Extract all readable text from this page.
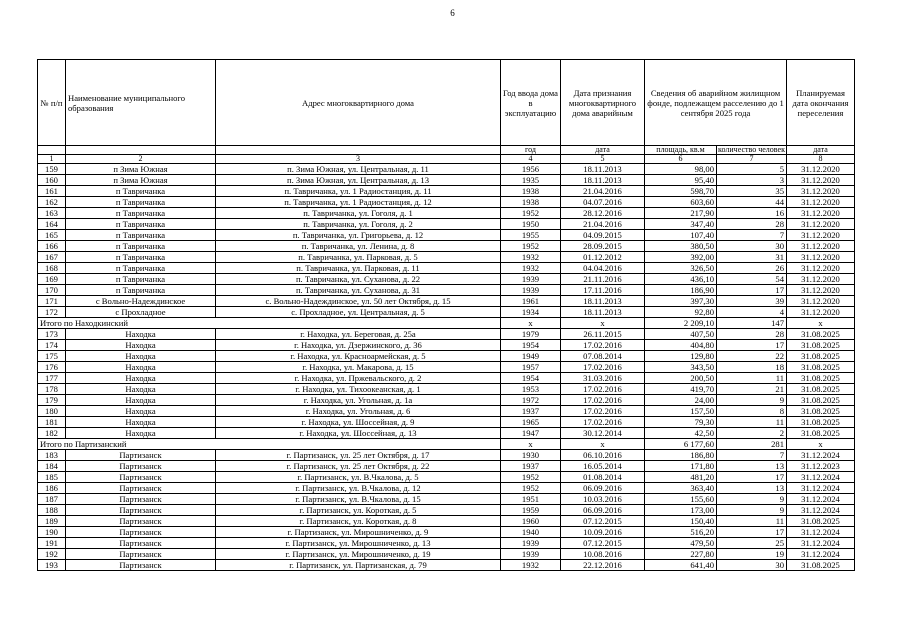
6
№ п/п	Наименование муниципального образования	Адрес многоквартирного дома	Год ввода дома в эксплуатацию	Дата признания многоквартирного дома аварийным	Сведения об аварийном жилищном фонде, подлежащем расселению до 1 сентября 2025 года		Планируемая дата окончания переселения
			год	дата	площадь, кв.м	количество человек	дата
1	2	3	4	5	6	7	8
159	п Зима Южная	п. Зима Южная, ул. Центральная, д. 11	1956	18.11.2013	98,00	5	31.12.2020
160	п Зима Южная	п. Зима Южная, ул. Центральная, д. 13	1935	18.11.2013	95,40	3	31.12.2020
161	п Тавричанка	п. Тавричанка, ул. 1 Радиостанция, д. 11	1938	21.04.2016	598,70	35	31.12.2020
162	п Тавричанка	п. Тавричанка, ул. 1 Радиостанция, д. 12	1938	04.07.2016	603,60	44	31.12.2020
163	п Тавричанка	п. Тавричанка, ул. Гоголя, д. 1	1952	28.12.2016	217,90	16	31.12.2020
164	п Тавричанка	п. Тавричанка, ул. Гоголя, д. 2	1950	21.04.2016	347,40	28	31.12.2020
165	п Тавричанка	п. Тавричанка, ул. Григорьева, д. 12	1955	04.09.2015	107,40	7	31.12.2020
166	п Тавричанка	п. Тавричанка, ул. Ленина, д. 8	1952	28.09.2015	380,50	30	31.12.2020
167	п Тавричанка	п. Тавричанка, ул. Парковая, д. 5	1932	01.12.2012	392,00	31	31.12.2020
168	п Тавричанка	п. Тавричанка, ул. Парковая, д. 11	1932	04.04.2016	326,50	26	31.12.2020
169	п Тавричанка	п. Тавричанка, ул. Суханова, д. 22	1939	21.11.2016	436,10	54	31.12.2020
170	п Тавричанка	п. Тавричанка, ул. Суханова, д. 31	1939	17.11.2016	186,90	17	31.12.2020
171	с Вольно-Надеждинское	с. Вольно-Надеждинское, ул. 50 лет Октября, д. 15	1961	18.11.2013	397,30	39	31.12.2020
172	с Прохладное	с. Прохладное, ул. Центральная, д. 5	1934	18.11.2013	92,80	4	31.12.2020
Итого по Находкинский			x	x	2 209,10	147	x
173	Находка	г. Находка, ул. Береговая, д. 25а	1979	26.11.2015	407,50	28	31.08.2025
174	Находка	г. Находка, ул. Дзержинского, д. 36	1954	17.02.2016	404,80	17	31.08.2025
175	Находка	г. Находка, ул. Красноармейская, д. 5	1949	07.08.2014	129,80	22	31.08.2025
176	Находка	г. Находка, ул. Макарова, д. 15	1957	17.02.2016	343,50	18	31.08.2025
177	Находка	г. Находка, ул. Пржевальского, д. 2	1954	31.03.2016	200,50	11	31.08.2025
178	Находка	г. Находка, ул. Тихоокеанская, д. 1	1953	17.02.2016	419,70	21	31.08.2025
179	Находка	г. Находка, ул. Угольная, д. 1а	1972	17.02.2016	24,00	9	31.08.2025
180	Находка	г. Находка, ул. Угольная, д. 6	1937	17.02.2016	157,50	8	31.08.2025
181	Находка	г. Находка, ул. Шоссейная, д. 9	1965	17.02.2016	79,30	11	31.08.2025
182	Находка	г. Находка, ул. Шоссейная, д. 13	1947	30.12.2014	42,50	2	31.08.2025
Итого по Партизанский			x	x	6 177,60	281	x
183	Партизанск	г. Партизанск, ул. 25 лет Октября, д. 17	1930	06.10.2016	186,80	7	31.12.2024
184	Партизанск	г. Партизанск, ул. 25 лет Октября, д. 22	1937	16.05.2014	171,80	13	31.12.2023
185	Партизанск	г. Партизанск, ул. В.Чкалова, д. 5	1952	01.08.2014	481,20	17	31.12.2024
186	Партизанск	г. Партизанск, ул. В.Чкалова, д. 12	1952	06.09.2016	363,40	13	31.12.2024
187	Партизанск	г. Партизанск, ул. В.Чкалова, д. 15	1951	10.03.2016	155,60	9	31.12.2024
188	Партизанск	г. Партизанск, ул. Короткая, д. 5	1959	06.09.2016	173,00	9	31.12.2024
189	Партизанск	г. Партизанск, ул. Короткая, д. 8	1960	07.12.2015	150,40	11	31.08.2025
190	Партизанск	г. Партизанск, ул. Мирошниченко, д. 9	1940	10.09.2016	516,20	17	31.12.2024
191	Партизанск	г. Партизанск, ул. Мирошниченко, д. 13	1939	07.12.2015	479,50	25	31.12.2024
192	Партизанск	г. Партизанск, ул. Мирошниченко, д. 19	1939	10.08.2016	227,80	19	31.12.2024
193	Партизанск	г. Партизанск, ул. Партизанская, д. 79	1932	22.12.2016	641,40	30	31.08.2025
